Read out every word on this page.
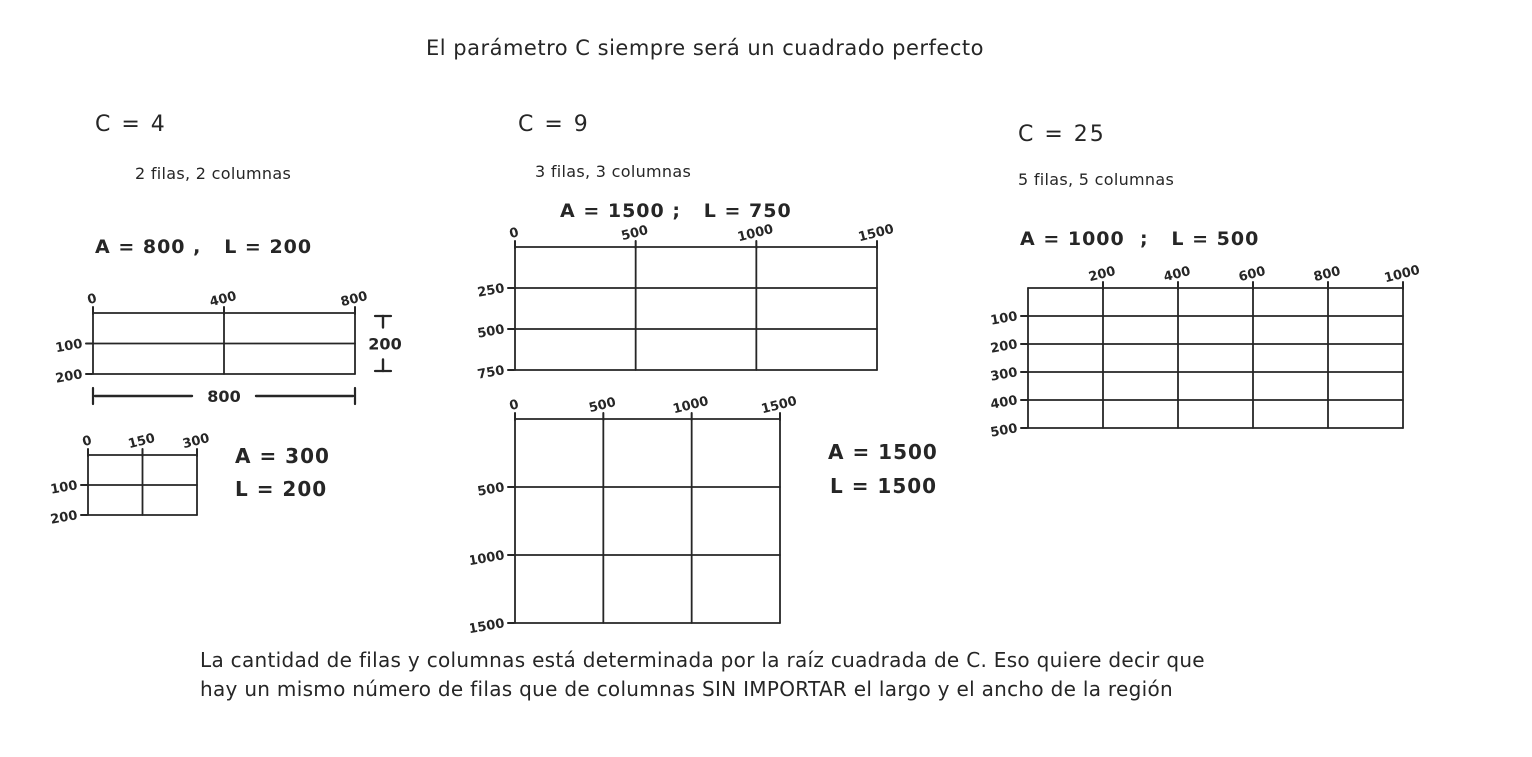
El parámetro C siempre será un cuadrado perfecto
C = 4
2 filas, 2 columnas
A = 800 ,   L = 200
0	400	800
100
200
800
200
0	150 300
100
200
A = 300
L = 200
C = 9
3 filas, 3 columnas
A = 1500 ;   L = 750
0	500	1000	1500
250
500
750
0	500	1000	1500
500
1000
1500
A = 1500
L = 1500
C = 25
5 filas, 5 columnas
A = 1000  ;   L = 500
200	400	600	800	1000
100
200
300
400
500
La cantidad de filas y columnas está determinada por la raíz cuadrada de C. Eso quiere decir que
hay un mismo número de filas que de columnas SIN IMPORTAR el largo y el ancho de la región
